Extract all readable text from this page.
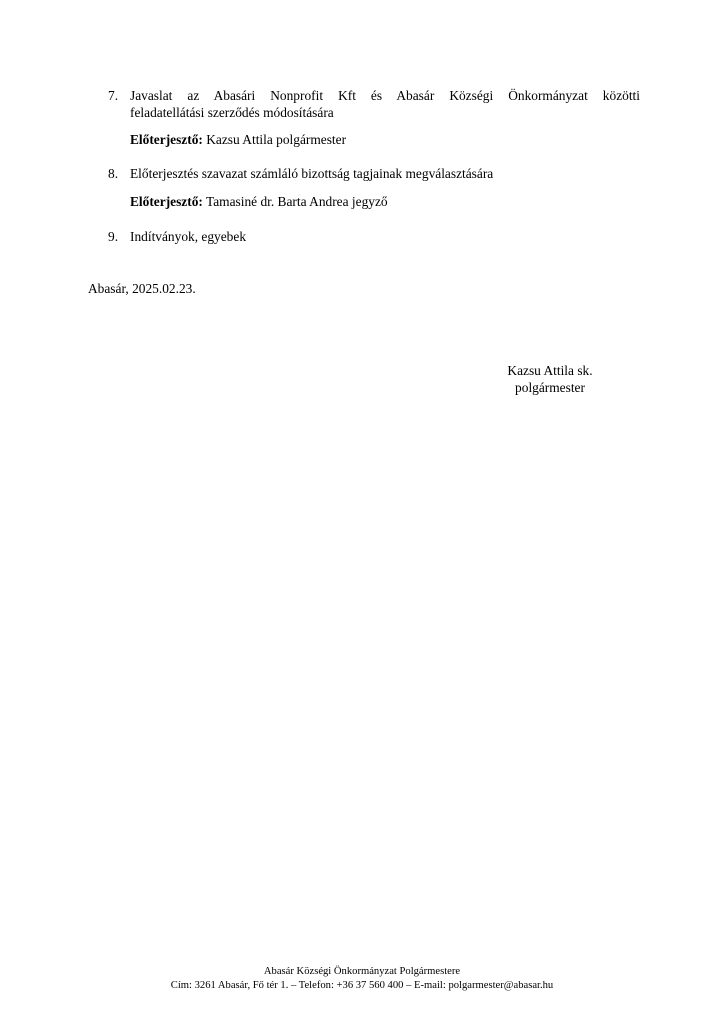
7. Javaslat az Abasári Nonprofit Kft és Abasár Községi Önkormányzat közötti
feladatellátási szerződés módosítására
Előterjesztő: Kazsu Attila polgármester
8. Előterjesztés szavazat számláló bizottság tagjainak megválasztására
Előterjesztő: Tamasiné dr. Barta Andrea jegyző
9. Indítványok, egyebek
Abasár, 2025.02.23.
Kazsu Attila sk.
polgármester
Abasár Községi Önkormányzat Polgármestere
Cím: 3261 Abasár, Fő tér 1. – Telefon: +36 37 560 400 – E-mail: polgarmester@abasar.hu
